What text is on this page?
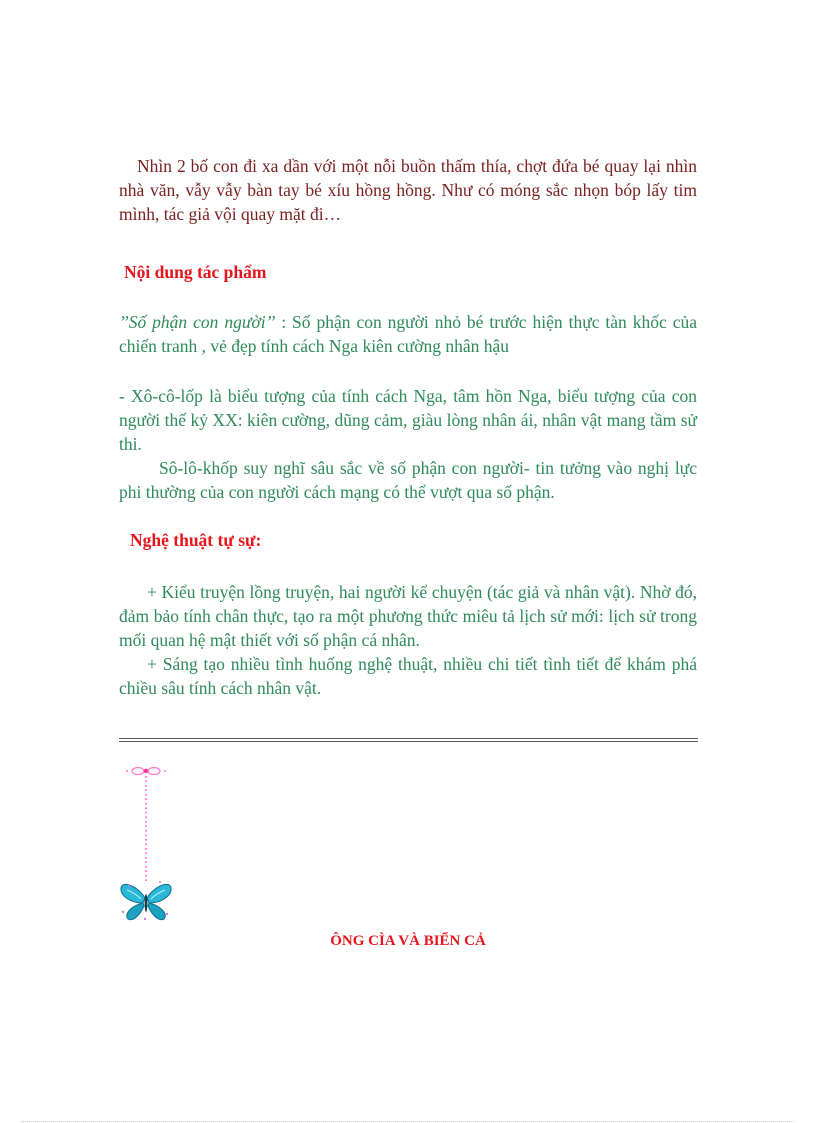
Nhìn 2 bố con đi xa dần với một nỗi buồn thấm thía, chợt đứa bé quay lại nhìn nhà văn, vẫy vẫy bàn tay bé xíu hồng hồng. Như có móng sắc nhọn bóp lấy tim mình, tác giả vội quay mặt đi…

Nội dung tác phẩm

’’Số phận con người’’ : Số phận con người nhỏ bé trước hiện thực tàn khốc của chiến tranh , vẻ đẹp tính cách Nga kiên cường nhân hậu

- Xô-cô-lốp là biểu tượng của tính cách Nga, tâm hồn Nga, biểu tượng của con người thế kỷ XX: kiên cường, dũng cảm, giàu lòng nhân ái, nhân vật mang tầm sử thi.

Sô-lô-khốp suy nghĩ sâu sắc về số phận con người- tin tưởng vào nghị lực phi thường của con người cách mạng có thể vượt qua số phận.

Nghệ thuật tự sự:

+ Kiểu truyện lồng truyện, hai người kể chuyện (tác giả và nhân vật). Nhờ đó, đảm bảo tính chân thực, tạo ra một phương thức miêu tả lịch sử mới: lịch sử trong mối quan hệ mật thiết với số phận cá nhân.

+ Sáng tạo nhiều tình huống nghệ thuật, nhiều chi tiết tình tiết để khám phá chiều sâu tính cách nhân vật.

ÔNG CÌA VÀ BIỂN CẢ
